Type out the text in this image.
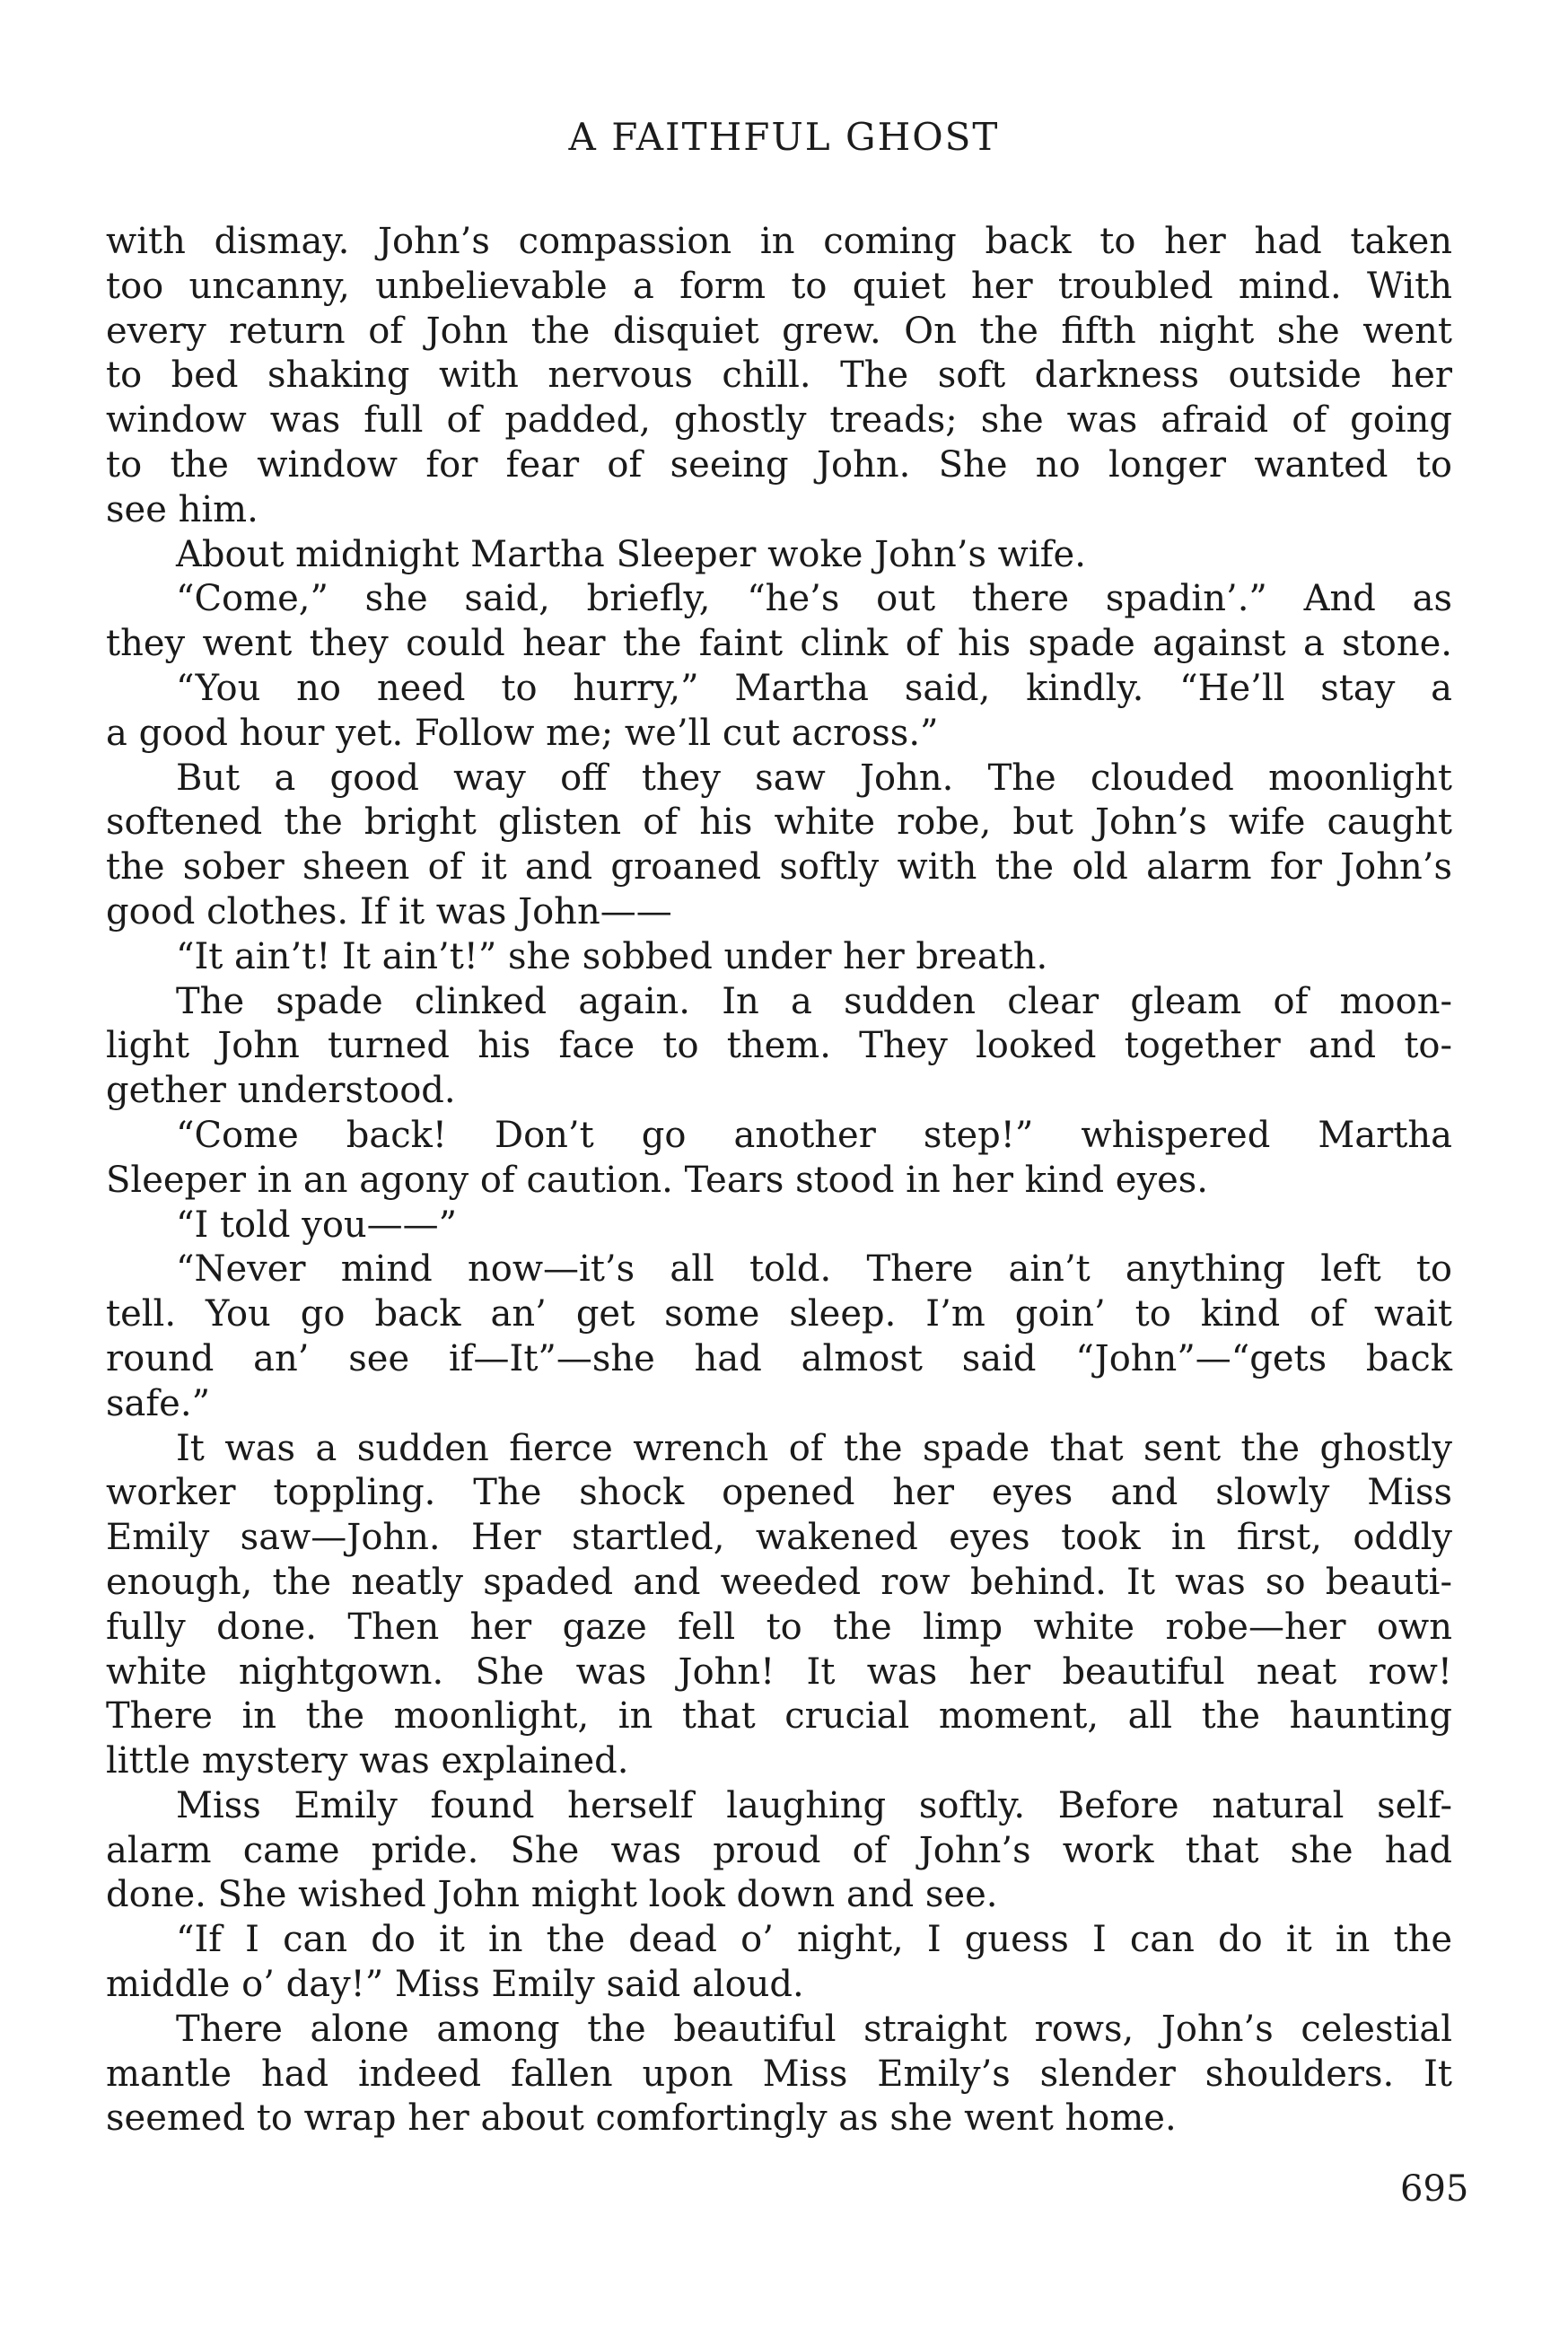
A FAITHFUL GHOST
with dismay. John’s compassion in coming back to her had taken
too uncanny, unbelievable a form to quiet her troubled mind. With
every return of John the disquiet grew. On the fifth night she went
to bed shaking with nervous chill. The soft darkness outside her
window was full of padded, ghostly treads; she was afraid of going
to the window for fear of seeing John. She no longer wanted to
see him.
About midnight Martha Sleeper woke John’s wife.
“Come,” she said, briefly, “he’s out there spadin’.” And as
they went they could hear the faint clink of his spade against a stone.
“You no need to hurry,” Martha said, kindly. “He’ll stay a
a good hour yet. Follow me; we’ll cut across.”
But a good way off they saw John. The clouded moonlight
softened the bright glisten of his white robe, but John’s wife caught
the sober sheen of it and groaned softly with the old alarm for John’s
good clothes. If it was John——
“It ain’t! It ain’t!” she sobbed under her breath.
The spade clinked again. In a sudden clear gleam of moon-
light John turned his face to them. They looked together and to-
gether understood.
“Come back! Don’t go another step!” whispered Martha
Sleeper in an agony of caution. Tears stood in her kind eyes.
“I told you——”
“Never mind now—it’s all told. There ain’t anything left to
tell. You go back an’ get some sleep. I’m goin’ to kind of wait
round an’ see if—It”—she had almost said “John”—“gets back
safe.”
It was a sudden fierce wrench of the spade that sent the ghostly
worker toppling. The shock opened her eyes and slowly Miss
Emily saw—John. Her startled, wakened eyes took in first, oddly
enough, the neatly spaded and weeded row behind. It was so beauti-
fully done. Then her gaze fell to the limp white robe—her own
white nightgown. She was John! It was her beautiful neat row!
There in the moonlight, in that crucial moment, all the haunting
little mystery was explained.
Miss Emily found herself laughing softly. Before natural self-
alarm came pride. She was proud of John’s work that she had
done. She wished John might look down and see.
“If I can do it in the dead o’ night, I guess I can do it in the
middle o’ day!” Miss Emily said aloud.
There alone among the beautiful straight rows, John’s celestial
mantle had indeed fallen upon Miss Emily’s slender shoulders. It
seemed to wrap her about comfortingly as she went home.
695
